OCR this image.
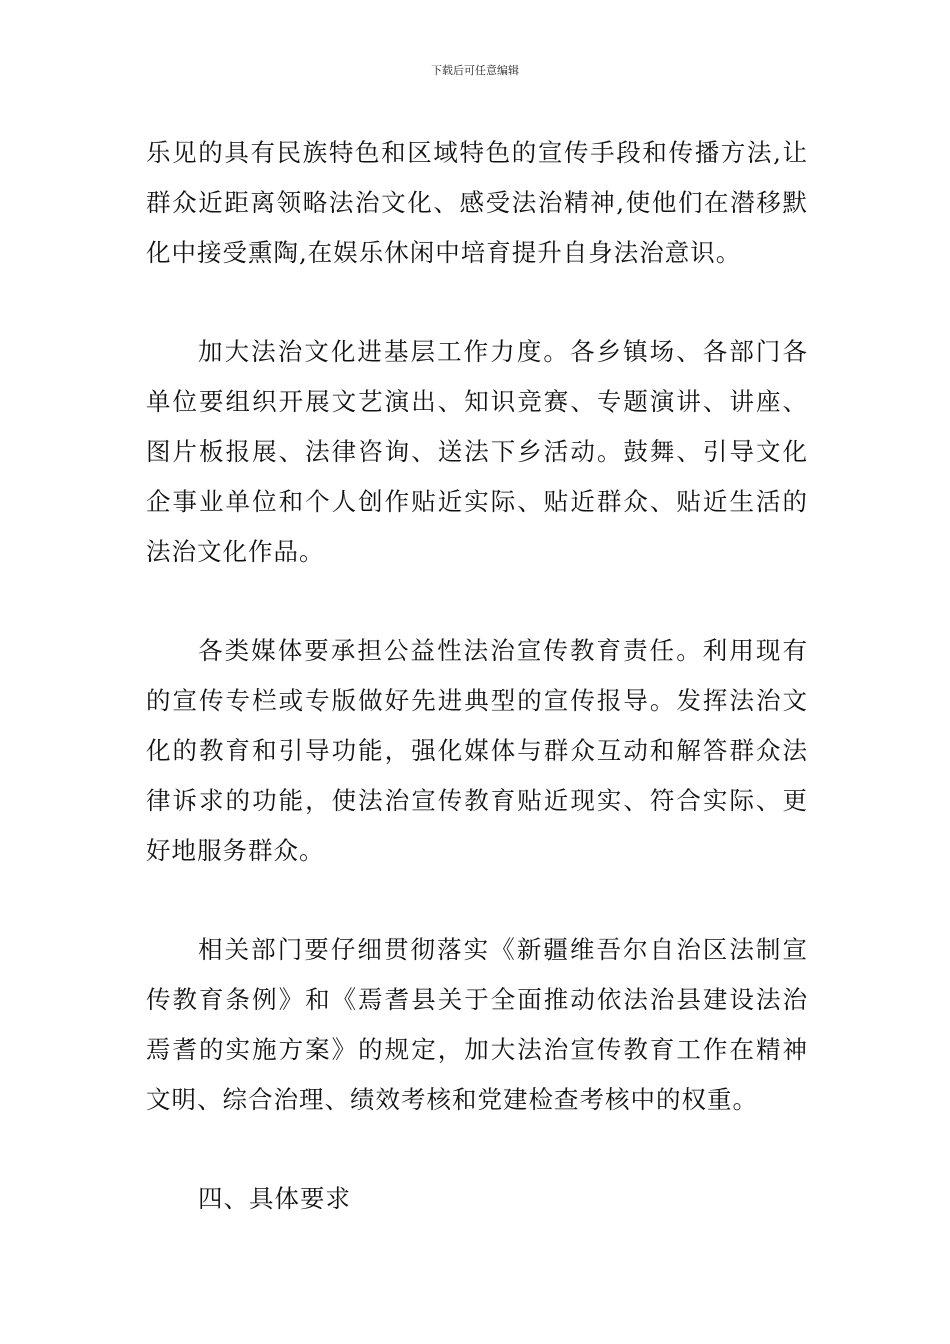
下载后可任意编辑

乐见的具有民族特色和区域特色的宣传手段和传播方法,让群众近距离领略法治文化、感受法治精神,使他们在潜移默化中接受熏陶,在娱乐休闲中培育提升自身法治意识。

加大法治文化进基层工作力度。各乡镇场、各部门各单位要组织开展文艺演出、知识竞赛、专题演讲、讲座、图片板报展、法律咨询、送法下乡活动。鼓舞、引导文化企事业单位和个人创作贴近实际、贴近群众、贴近生活的法治文化作品。

各类媒体要承担公益性法治宣传教育责任。利用现有的宣传专栏或专版做好先进典型的宣传报导。发挥法治文化的教育和引导功能，强化媒体与群众互动和解答群众法律诉求的功能，使法治宣传教育贴近现实、符合实际、更好地服务群众。

相关部门要仔细贯彻落实《新疆维吾尔自治区法制宣传教育条例》和《焉耆县关于全面推动依法治县建设法治焉耆的实施方案》的规定，加大法治宣传教育工作在精神文明、综合治理、绩效考核和党建检查考核中的权重。

四、具体要求
